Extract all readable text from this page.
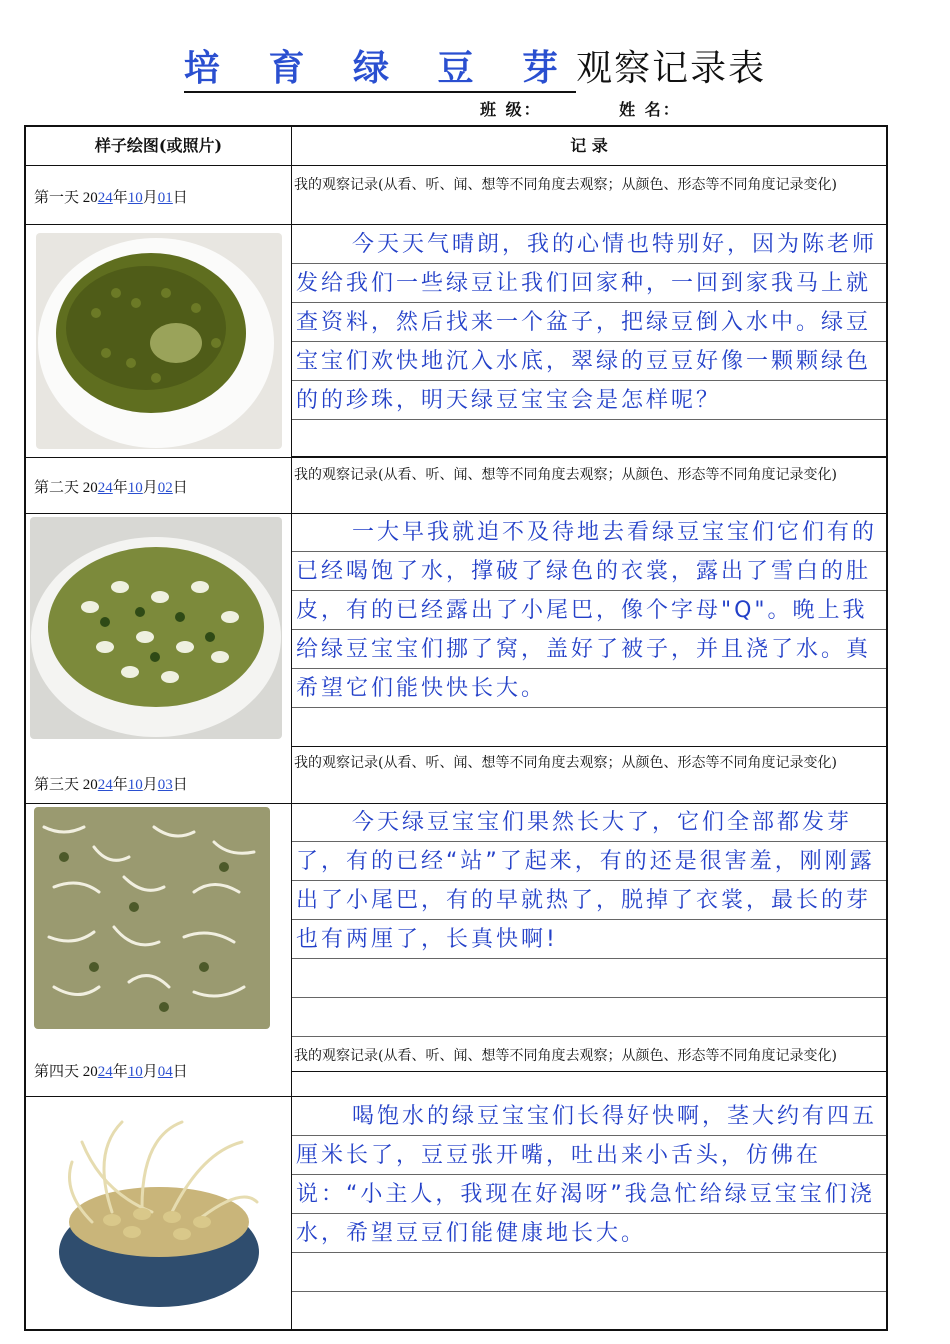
培 育 绿 豆 芽观察记录表
班 级：	姓 名：
样子绘图(或照片)	记 录
第一天 2024年10月01日
我的观察记录(从看、听、闻、想等不同角度去观察；从颜色、形态等不同角度记录变化)
今天天气晴朗，我的心情也特别好，因为陈老师发给我们一些绿豆让我们回家种，一回到家我马上就查资料，然后找来一个盆子，把绿豆倒入水中。绿豆宝宝们欢快地沉入水底，翠绿的豆豆好像一颗颗绿色的的珍珠，明天绿豆宝宝会是怎样呢？
第二天 2024年10月02日
我的观察记录(从看、听、闻、想等不同角度去观察；从颜色、形态等不同角度记录变化)
一大早我就迫不及待地去看绿豆宝宝们它们有的已经喝饱了水，撑破了绿色的衣裳，露出了雪白的肚皮，有的已经露出了小尾巴，像个字母"Q"。晚上我给绿豆宝宝们挪了窝，盖好了被子，并且浇了水。真希望它们能快快长大。
第三天 2024年10月03日
我的观察记录(从看、听、闻、想等不同角度去观察；从颜色、形态等不同角度记录变化)
今天绿豆宝宝们果然长大了，它们全部都发芽了，有的已经“站”了起来，有的还是很害羞，刚刚露出了小尾巴，有的早就热了，脱掉了衣裳，最长的芽也有两厘了，长真快啊!
第四天 2024年10月04日
我的观察记录(从看、听、闻、想等不同角度去观察；从颜色、形态等不同角度记录变化)
喝饱水的绿豆宝宝们长得好快啊，茎大约有四五厘米长了，豆豆张开嘴，吐出来小舌头，仿佛在说：“小主人，我现在好渴呀”我急忙给绿豆宝宝们浇水，希望豆豆们能健康地长大。
